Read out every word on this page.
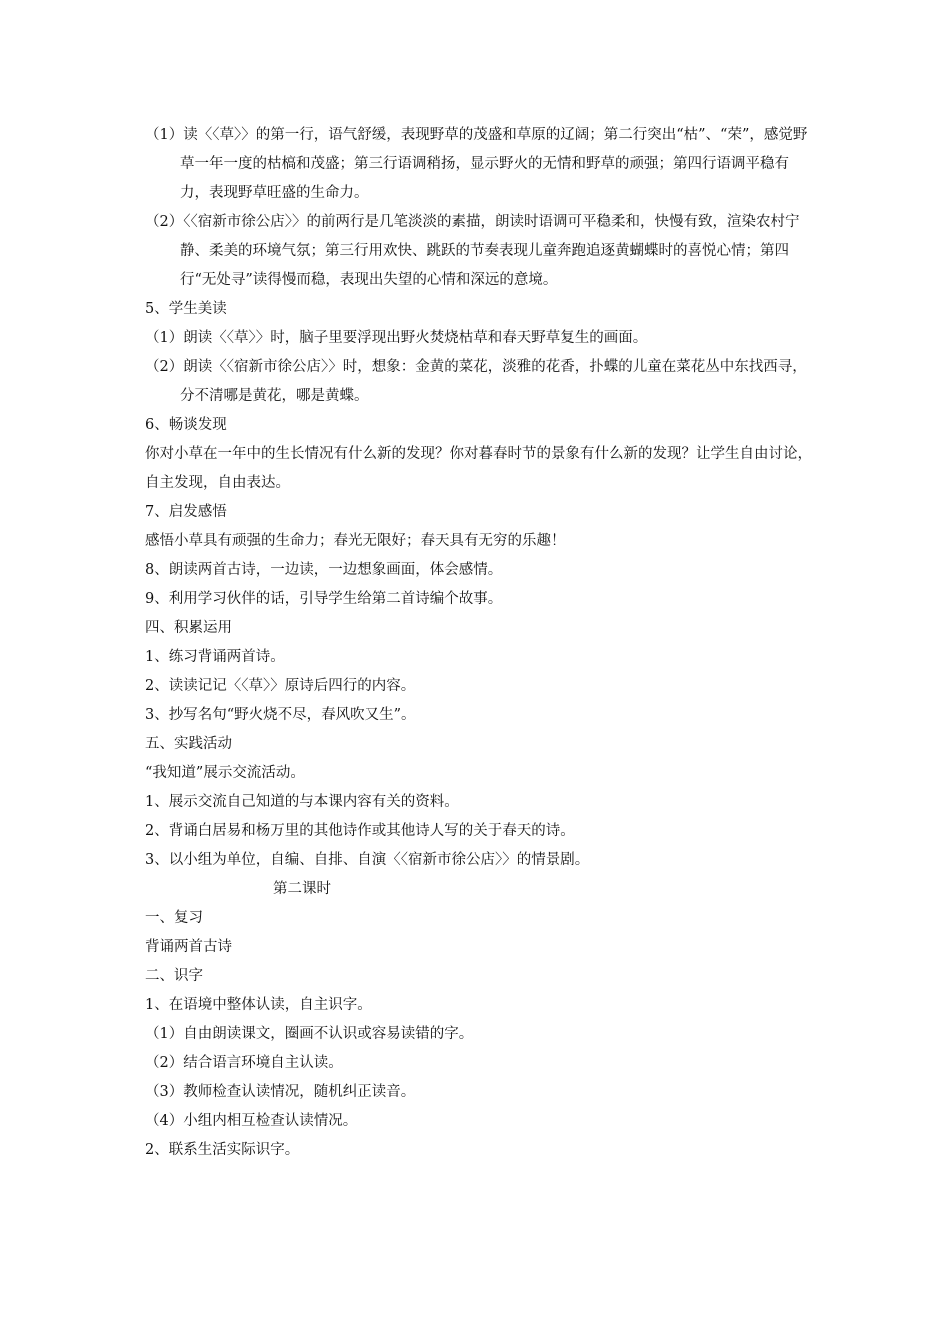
（1）读〈〈草〉〉的第一行，语气舒缓，表现野草的茂盛和草原的辽阔；第二行突出“枯”、“荣”，感觉野草一年一度的枯槁和茂盛；第三行语调稍扬，显示野火的无情和野草的顽强；第四行语调平稳有力，表现野草旺盛的生命力。

（2）〈〈宿新市徐公店〉〉的前两行是几笔淡淡的素描，朗读时语调可平稳柔和，快慢有致，渲染农村宁静、柔美的环境气氛；第三行用欢快、跳跃的节奏表现儿童奔跑追逐黄蝴蝶时的喜悦心情；第四行“无处寻”读得慢而稳，表现出失望的心情和深远的意境。

5、学生美读

（1）朗读〈〈草〉〉时，脑子里要浮现出野火焚烧枯草和春天野草复生的画面。

（2）朗读〈〈宿新市徐公店〉〉时，想象：金黄的菜花，淡雅的花香，扑蝶的儿童在菜花丛中东找西寻，分不清哪是黄花，哪是黄蝶。

6、畅谈发现

你对小草在一年中的生长情况有什么新的发现？你对暮春时节的景象有什么新的发现？让学生自由讨论，自主发现，自由表达。

7、启发感悟

感悟小草具有顽强的生命力；春光无限好；春天具有无穷的乐趣！

8、朗读两首古诗，一边读，一边想象画面，体会感情。

9、利用学习伙伴的话，引导学生给第二首诗编个故事。

四、积累运用

1、练习背诵两首诗。

2、读读记记〈〈草〉〉原诗后四行的内容。

3、抄写名句“野火烧不尽，春风吹又生”。

五、实践活动

“我知道”展示交流活动。

1、展示交流自己知道的与本课内容有关的资料。

2、背诵白居易和杨万里的其他诗作或其他诗人写的关于春天的诗。

3、以小组为单位，自编、自排、自演〈〈宿新市徐公店〉〉的情景剧。

第二课时

一、复习

背诵两首古诗

二、识字

1、在语境中整体认读，自主识字。

（1）自由朗读课文，圈画不认识或容易读错的字。

（2）结合语言环境自主认读。

（3）教师检查认读情况，随机纠正读音。

（4）小组内相互检查认读情况。

2、联系生活实际识字。
